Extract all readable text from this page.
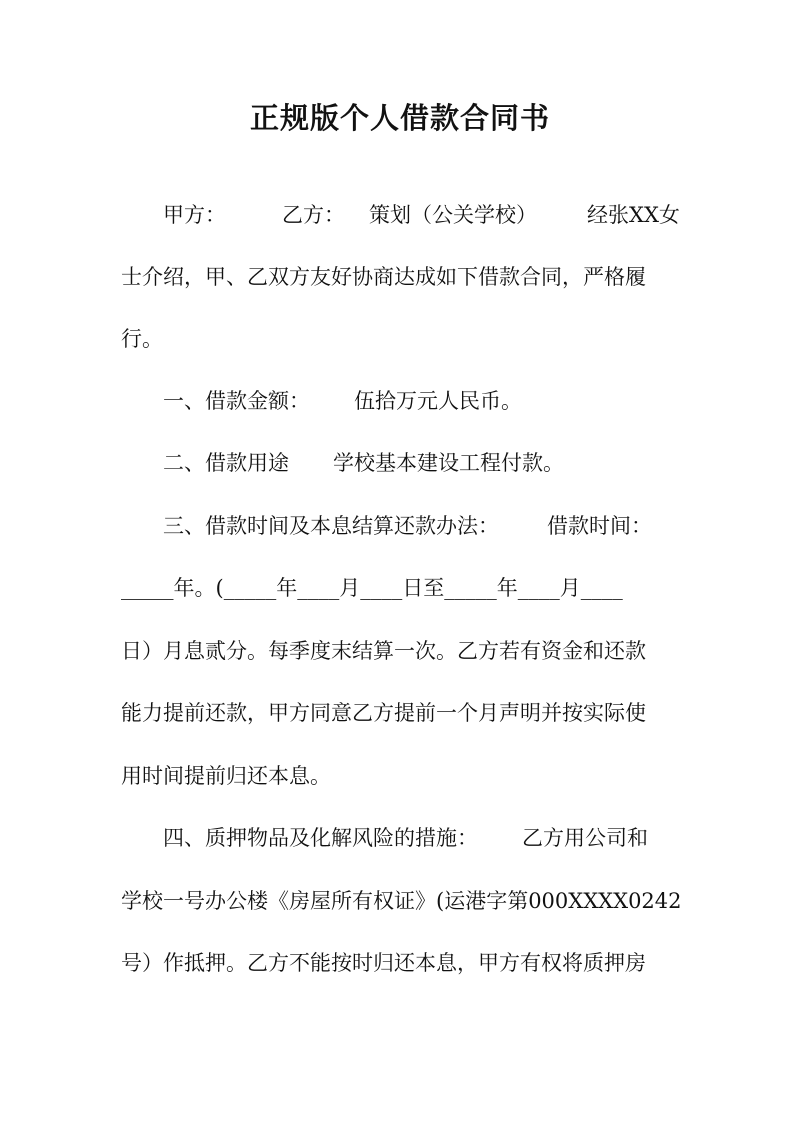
正规版个人借款合同书
甲方：	乙方： 策划（公关学校） 经张XX女
士介绍，甲、乙双方友好协商达成如下借款合同，严格履
行。
一、借款金额： 伍拾万元人民币。
二、借款用途 学校基本建设工程付款。
三、借款时间及本息结算还款办法： 借款时间：
_____年。(_____年____月____日至_____年____月____
日）月息贰分。每季度末结算一次。乙方若有资金和还款
能力提前还款，甲方同意乙方提前一个月声明并按实际使
用时间提前归还本息。
四、质押物品及化解风险的措施： 乙方用公司和
学校一号办公楼《房屋所有权证》(运港字第000XXXX0242
号）作抵押。乙方不能按时归还本息，甲方有权将质押房
